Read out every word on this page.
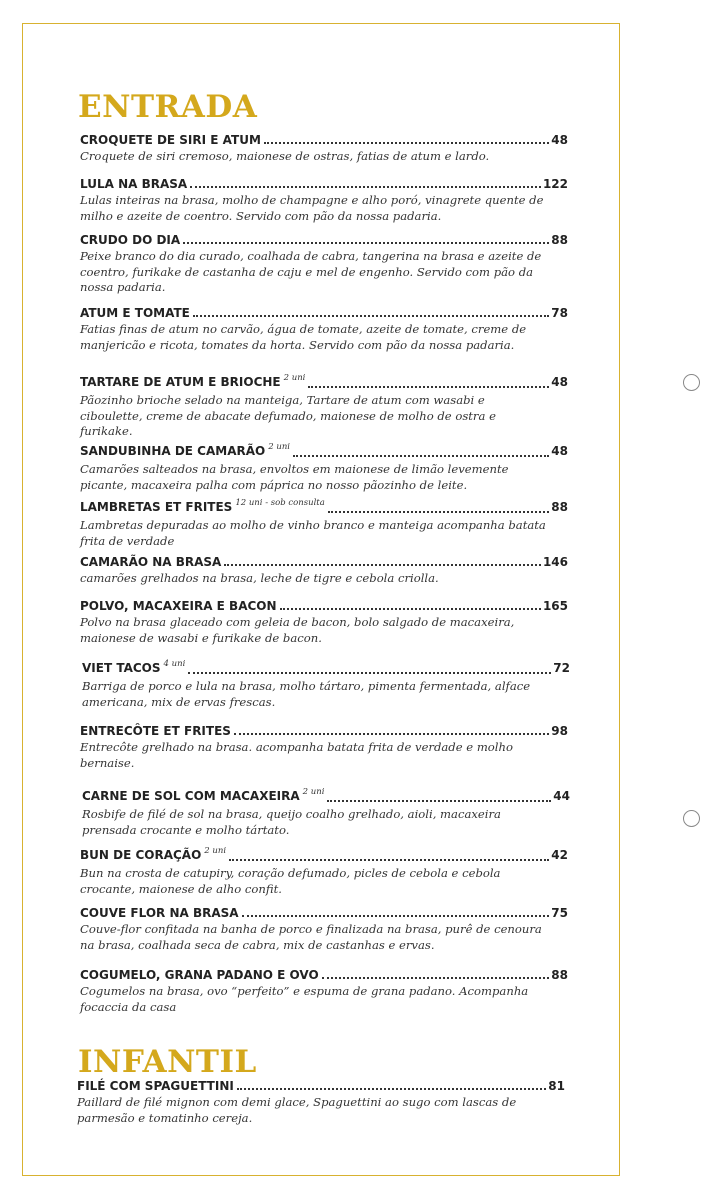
ENTRADA
CROQUETE DE SIRI E ATUM	48

Croquete de siri cremoso, maionese de ostras, fatias de atum e lardo.

LULA NA BRASA	122

Lulas inteiras na brasa, molho de champagne e alho poró, vinagrete quente de milho e azeite de coentro. Servido com pão da nossa padaria.

CRUDO DO DIA	88

Peixe branco do dia curado, coalhada de cabra, tangerina na brasa e azeite de coentro, furikake de castanha de caju e mel de engenho. Servido com pão da nossa padaria.

ATUM E TOMATE	78

Fatias finas de atum no carvão, água de tomate, azeite de tomate, creme de manjericão e ricota, tomates da horta. Servido com pão da nossa padaria.

TARTARE DE ATUM E BRIOCHE 2 uni	48

Pãozinho brioche selado na manteiga, Tartare de atum com wasabi e ciboulette, creme de abacate defumado, maionese de molho de ostra e furikake.

SANDUBINHA DE CAMARÃO 2 uni	48

Camarões salteados na brasa, envoltos em maionese de limão levemente picante, macaxeira palha com páprica no nosso pãozinho de leite.

LAMBRETAS ET FRITES 12 uni - sob consulta	88

Lambretas depuradas ao molho de vinho branco e manteiga acompanha batata frita de verdade

CAMARÃO NA BRASA	146

camarões grelhados na brasa, leche de tigre e cebola criolla.

POLVO, MACAXEIRA E BACON	165

Polvo na brasa glaceado com geleia de bacon, bolo salgado de macaxeira, maionese de wasabi e furikake de bacon.

VIET TACOS 4 uni	72

Barriga de porco e lula na brasa, molho tártaro, pimenta fermentada, alface americana, mix de ervas frescas.

ENTRECÔTE ET FRITES	98

Entrecôte grelhado na brasa. acompanha batata frita de verdade e molho bernaise.

CARNE DE SOL COM MACAXEIRA 2 uni	44

Rosbife de filé de sol na brasa, queijo coalho grelhado, aioli, macaxeira prensada crocante e molho tártato.

BUN DE CORAÇÃO 2 uni	42

Bun na crosta de catupiry, coração defumado, picles de cebola e cebola crocante, maionese de alho confit.

COUVE FLOR NA BRASA	75

Couve-flor confitada na banha de porco e finalizada na brasa, purê de cenoura na brasa, coalhada seca de cabra, mix de castanhas e ervas.

COGUMELO, GRANA PADANO E OVO	88

Cogumelos na brasa, ovo “perfeito” e espuma de grana padano. Acompanha focaccia da casa

INFANTIL
FILÉ COM SPAGUETTINI	81

Paillard de filé mignon com demi glace, Spaguettini ao sugo com lascas de parmesão e tomatinho cereja.
